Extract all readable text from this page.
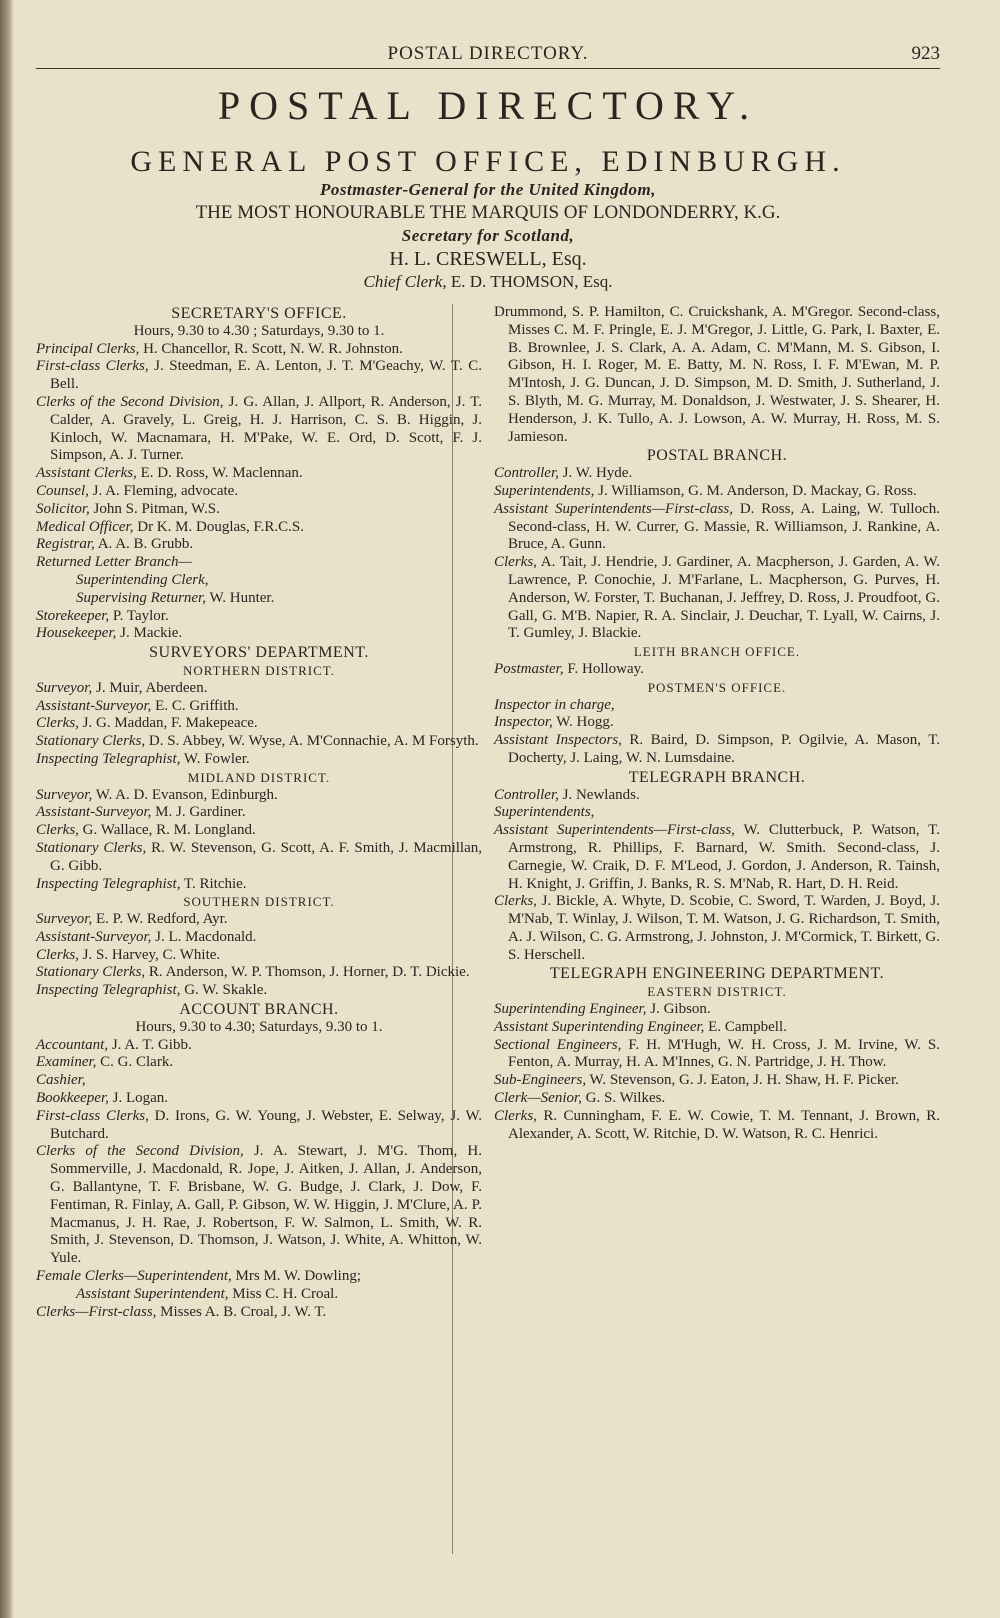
POSTAL DIRECTORY.	923
POSTAL DIRECTORY.
GENERAL POST OFFICE, EDINBURGH.
Postmaster-General for the United Kingdom,
THE MOST HONOURABLE THE MARQUIS OF LONDONDERRY, K.G.
Secretary for Scotland,
H. L. CRESWELL, Esq.
Chief Clerk, E. D. THOMSON, Esq.

SECRETARY'S OFFICE.

Hours, 9.30 to 4.30 ; Saturdays, 9.30 to 1.

Principal Clerks, H. Chancellor, R. Scott, N. W. R. Johnston.

First-class Clerks, J. Steedman, E. A. Lenton, J. T. M'Geachy, W. T. C. Bell.

Clerks of the Second Division, J. G. Allan, J. Allport, R. Anderson, J. T. Calder, A. Gravely, L. Greig, H. J. Harrison, C. S. B. Higgin, J. Kinloch, W. Macnamara, H. M'Pake, W. E. Ord, D. Scott, F. J. Simpson, A. J. Turner.

Assistant Clerks, E. D. Ross, W. Maclennan.

Counsel, J. A. Fleming, advocate.

Solicitor, John S. Pitman, W.S.

Medical Officer, Dr K. M. Douglas, F.R.C.S.

Registrar, A. A. B. Grubb.

Returned Letter Branch—

Superintending Clerk,

Supervising Returner, W. Hunter.

Storekeeper, P. Taylor.

Housekeeper, J. Mackie.

SURVEYORS' DEPARTMENT.

NORTHERN DISTRICT.

Surveyor, J. Muir, Aberdeen.

Assistant-Surveyor, E. C. Griffith.

Clerks, J. G. Maddan, F. Makepeace.

Stationary Clerks, D. S. Abbey, W. Wyse, A. M'Connachie, A. M Forsyth.

Inspecting Telegraphist, W. Fowler.

MIDLAND DISTRICT.

Surveyor, W. A. D. Evanson, Edinburgh.

Assistant-Surveyor, M. J. Gardiner.

Clerks, G. Wallace, R. M. Longland.

Stationary Clerks, R. W. Stevenson, G. Scott, A. F. Smith, J. Macmillan, G. Gibb.

Inspecting Telegraphist, T. Ritchie.

SOUTHERN DISTRICT.

Surveyor, E. P. W. Redford, Ayr.

Assistant-Surveyor, J. L. Macdonald.

Clerks, J. S. Harvey, C. White.

Stationary Clerks, R. Anderson, W. P. Thomson, J. Horner, D. T. Dickie.

Inspecting Telegraphist, G. W. Skakle.

ACCOUNT BRANCH.

Hours, 9.30 to 4.30; Saturdays, 9.30 to 1.

Accountant, J. A. T. Gibb.

Examiner, C. G. Clark.

Cashier,

Bookkeeper, J. Logan.

First-class Clerks, D. Irons, G. W. Young, J. Webster, E. Selway, J. W. Butchard.

Clerks of the Second Division, J. A. Stewart, J. M'G. Thom, H. Sommerville, J. Macdonald, R. Jope, J. Aitken, J. Allan, J. Anderson, G. Ballantyne, T. F. Brisbane, W. G. Budge, J. Clark, J. Dow, F. Fentiman, R. Finlay, A. Gall, P. Gibson, W. W. Higgin, J. M'Clure, A. P. Macmanus, J. H. Rae, J. Robertson, F. W. Salmon, L. Smith, W. R. Smith, J. Stevenson, D. Thomson, J. Watson, J. White, A. Whitton, W. Yule.

Female Clerks—Superintendent, Mrs M. W. Dowling;

Assistant Superintendent, Miss C. H. Croal.

Clerks—First-class, Misses A. B. Croal, J. W. T.

Drummond, S. P. Hamilton, C. Cruickshank, A. M'Gregor. Second-class, Misses C. M. F. Pringle, E. J. M'Gregor, J. Little, G. Park, I. Baxter, E. B. Brownlee, J. S. Clark, A. A. Adam, C. M'Mann, M. S. Gibson, I. Gibson, H. I. Roger, M. E. Batty, M. N. Ross, I. F. M'Ewan, M. P. M'Intosh, J. G. Duncan, J. D. Simpson, M. D. Smith, J. Sutherland, J. S. Blyth, M. G. Murray, M. Donaldson, J. Westwater, J. S. Shearer, H. Henderson, J. K. Tullo, A. J. Lowson, A. W. Murray, H. Ross, M. S. Jamieson.

POSTAL BRANCH.

Controller, J. W. Hyde.

Superintendents, J. Williamson, G. M. Anderson, D. Mackay, G. Ross.

Assistant Superintendents—First-class, D. Ross, A. Laing, W. Tulloch. Second-class, H. W. Currer, G. Massie, R. Williamson, J. Rankine, A. Bruce, A. Gunn.

Clerks, A. Tait, J. Hendrie, J. Gardiner, A. Macpherson, J. Garden, A. W. Lawrence, P. Conochie, J. M'Farlane, L. Macpherson, G. Purves, H. Anderson, W. Forster, T. Buchanan, J. Jeffrey, D. Ross, J. Proudfoot, G. Gall, G. M'B. Napier, R. A. Sinclair, J. Deuchar, T. Lyall, W. Cairns, J. T. Gumley, J. Blackie.

LEITH BRANCH OFFICE.

Postmaster, F. Holloway.

POSTMEN'S OFFICE.

Inspector in charge,

Inspector, W. Hogg.

Assistant Inspectors, R. Baird, D. Simpson, P. Ogilvie, A. Mason, T. Docherty, J. Laing, W. N. Lumsdaine.

TELEGRAPH BRANCH.

Controller, J. Newlands.

Superintendents,

Assistant Superintendents—First-class, W. Clutterbuck, P. Watson, T. Armstrong, R. Phillips, F. Barnard, W. Smith. Second-class, J. Carnegie, W. Craik, D. F. M'Leod, J. Gordon, J. Anderson, R. Tainsh, H. Knight, J. Griffin, J. Banks, R. S. M'Nab, R. Hart, D. H. Reid.

Clerks, J. Bickle, A. Whyte, D. Scobie, C. Sword, T. Warden, J. Boyd, J. M'Nab, T. Winlay, J. Wilson, T. M. Watson, J. G. Richardson, T. Smith, A. J. Wilson, C. G. Armstrong, J. Johnston, J. M'Cormick, T. Birkett, G. S. Herschell.

TELEGRAPH ENGINEERING DEPARTMENT.

EASTERN DISTRICT.

Superintending Engineer, J. Gibson.

Assistant Superintending Engineer, E. Campbell.

Sectional Engineers, F. H. M'Hugh, W. H. Cross, J. M. Irvine, W. S. Fenton, A. Murray, H. A. M'Innes, G. N. Partridge, J. H. Thow.

Sub-Engineers, W. Stevenson, G. J. Eaton, J. H. Shaw, H. F. Picker.

Clerk—Senior, G. S. Wilkes.

Clerks, R. Cunningham, F. E. W. Cowie, T. M. Tennant, J. Brown, R. Alexander, A. Scott, W. Ritchie, D. W. Watson, R. C. Henrici.
